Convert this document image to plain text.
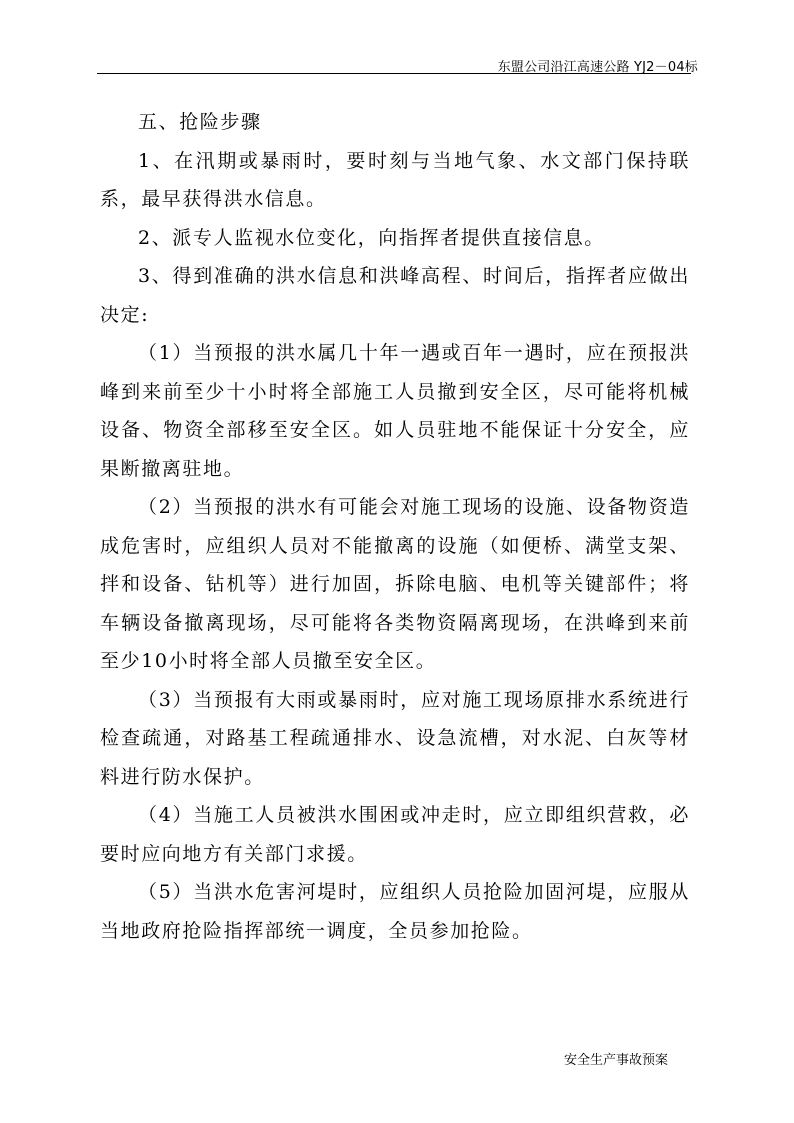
东盟公司沿江高速公路 YJ2－04标

五、抢险步骤

1、在汛期或暴雨时，要时刻与当地气象、水文部门保持联系，最早获得洪水信息。

2、派专人监视水位变化，向指挥者提供直接信息。

3、得到准确的洪水信息和洪峰高程、时间后，指挥者应做出决定:

（1）当预报的洪水属几十年一遇或百年一遇时，应在预报洪峰到来前至少十小时将全部施工人员撤到安全区，尽可能将机械设备、物资全部移至安全区。如人员驻地不能保证十分安全，应果断撤离驻地。

（2）当预报的洪水有可能会对施工现场的设施、设备物资造成危害时，应组织人员对不能撤离的设施（如便桥、满堂支架、拌和设备、钻机等）进行加固，拆除电脑、电机等关键部件；将车辆设备撤离现场，尽可能将各类物资隔离现场，在洪峰到来前至少10小时将全部人员撤至安全区。

（3）当预报有大雨或暴雨时，应对施工现场原排水系统进行检查疏通，对路基工程疏通排水、设急流槽，对水泥、白灰等材料进行防水保护。

（4）当施工人员被洪水围困或冲走时，应立即组织营救，必要时应向地方有关部门求援。

（5）当洪水危害河堤时，应组织人员抢险加固河堤，应服从当地政府抢险指挥部统一调度，全员参加抢险。

安全生产事故预案
